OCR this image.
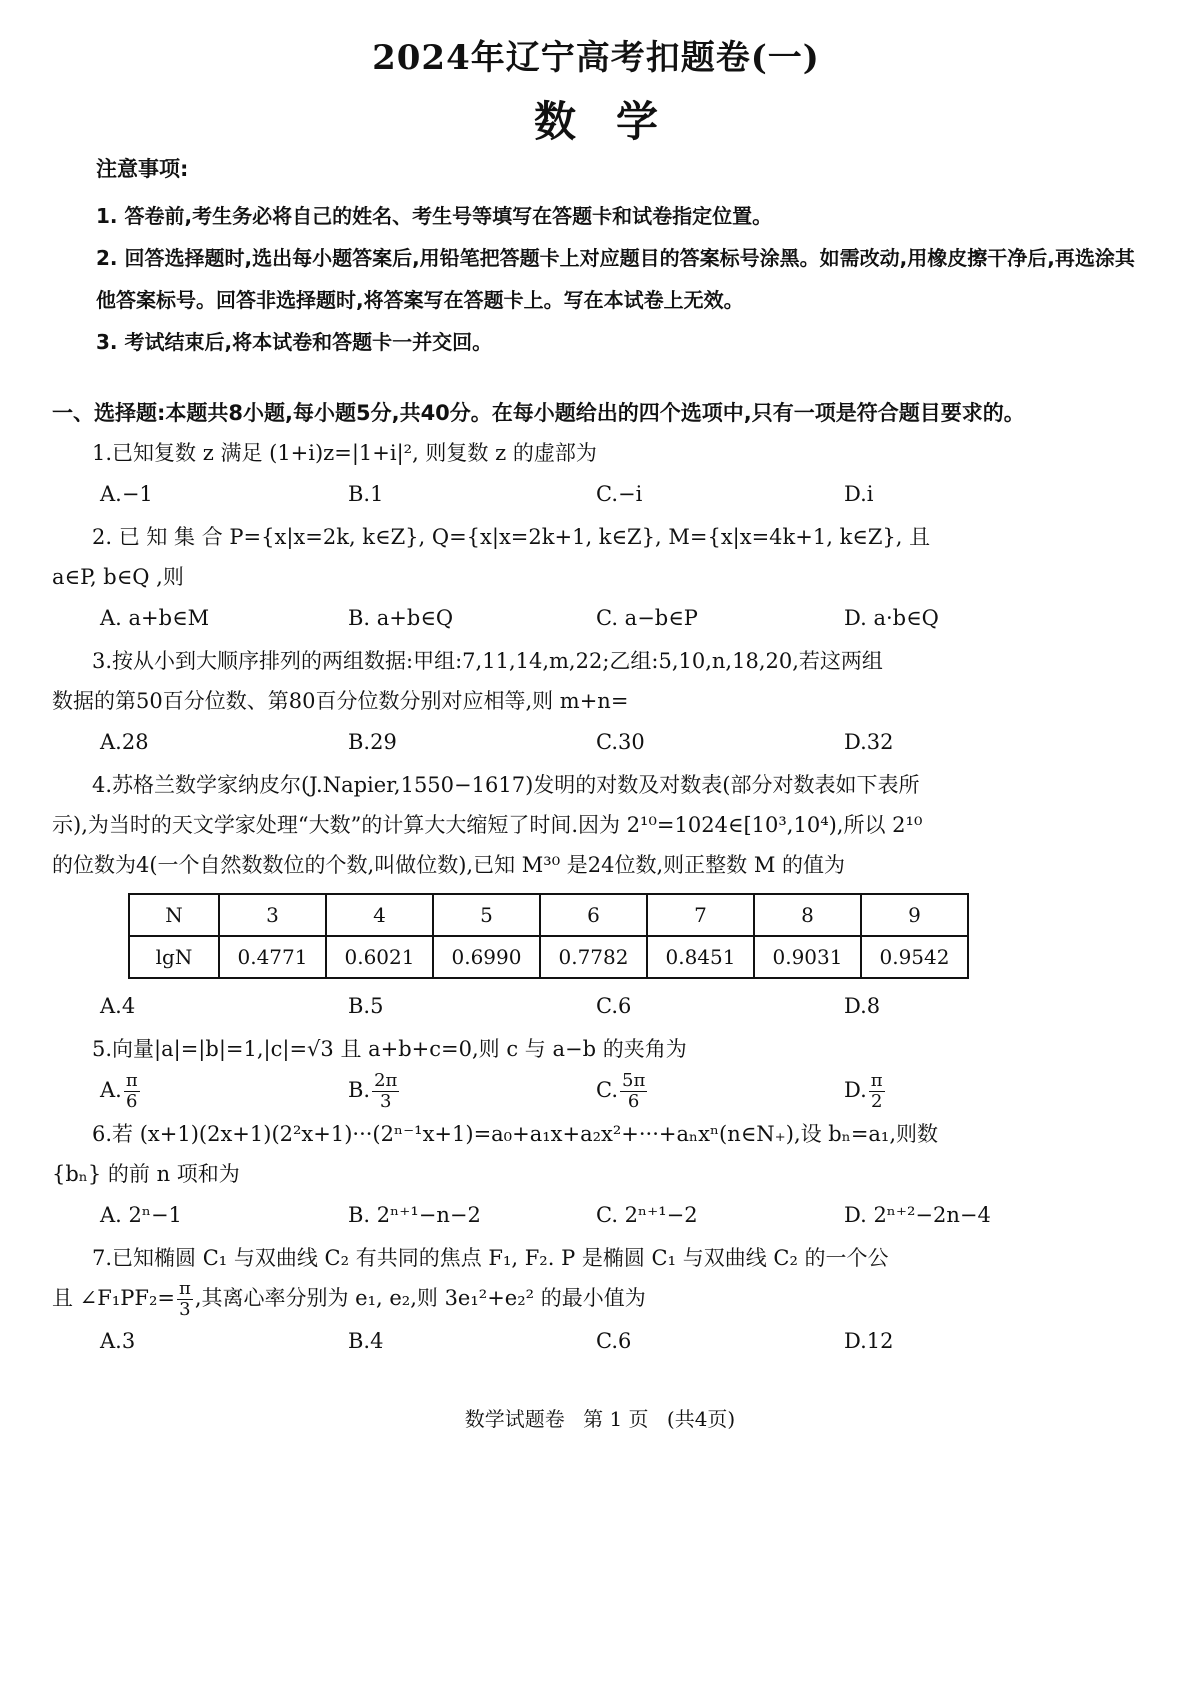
2024年辽宁高考扣题卷(一)
数学
注意事项:
1. 答卷前,考生务必将自己的姓名、考生号等填写在答题卡和试卷指定位置。
2. 回答选择题时,选出每小题答案后,用铅笔把答题卡上对应题目的答案标号涂黑。如需改动,用橡皮擦干净后,再选涂其他答案标号。回答非选择题时,将答案写在答题卡上。写在本试卷上无效。
3. 考试结束后,将本试卷和答题卡一并交回。
一、选择题:本题共8小题,每小题5分,共40分。在每小题给出的四个选项中,只有一项是符合题目要求的。
1.已知复数 z 满足 (1+i)z=|1+i|², 则复数 z 的虚部为
A.−1	B.1	C.−i	D.i
2. 已 知 集 合 P={x|x=2k, k∈Z}, Q={x|x=2k+1, k∈Z}, M={x|x=4k+1, k∈Z}, 且
a∈P, b∈Q ,则
A. a+b∈M	B. a+b∈Q	C. a−b∈P	D. a·b∈Q
3.按从小到大顺序排列的两组数据:甲组:7,11,14,m,22;乙组:5,10,n,18,20,若这两组
数据的第50百分位数、第80百分位数分别对应相等,则 m+n=
A.28	B.29	C.30	D.32
4.苏格兰数学家纳皮尔(J.Napier,1550−1617)发明的对数及对数表(部分对数表如下表所
示),为当时的天文学家处理“大数”的计算大大缩短了时间.因为 2¹⁰=1024∈[10³,10⁴),所以 2¹⁰
的位数为4(一个自然数数位的个数,叫做位数),已知 M³⁰ 是24位数,则正整数 M 的值为
N	3	4	5	6	7	8	9
lgN	0.4771	0.6021	0.6990	0.7782	0.8451	0.9031	0.9542
A.4	B.5	C.6	D.8
5.向量|a|=|b|=1,|c|=√3 且 a+b+c=0,则 c 与 a−b 的夹角为
A. $\frac{\pi}{6}$	B. $\frac{2\pi}{3}$	C. $\frac{5\pi}{6}$	D. $\frac{\pi}{2}$
6.若 (x+1)(2x+1)(2²x+1)···(2ⁿ⁻¹x+1)=a₀+a₁x+a₂x²+···+aₙxⁿ(n∈N₊),设 bₙ=a₁,则数
{bₙ} 的前 n 项和为
A. 2ⁿ−1	B. 2ⁿ⁺¹−n−2	C. 2ⁿ⁺¹−2	D. 2ⁿ⁺²−2n−4
7.已知椭圆 C₁ 与双曲线 C₂ 有共同的焦点 F₁, F₂. P 是椭圆 C₁ 与双曲线 C₂ 的一个公
且 ∠F₁PF₂= $\frac{\pi}{3}$ ,其离心率分别为 e₁, e₂,则 3e₁²+e₂² 的最小值为
A.3	B.4	C.6	D.12
数学试题卷 第 1 页 (共4页)
